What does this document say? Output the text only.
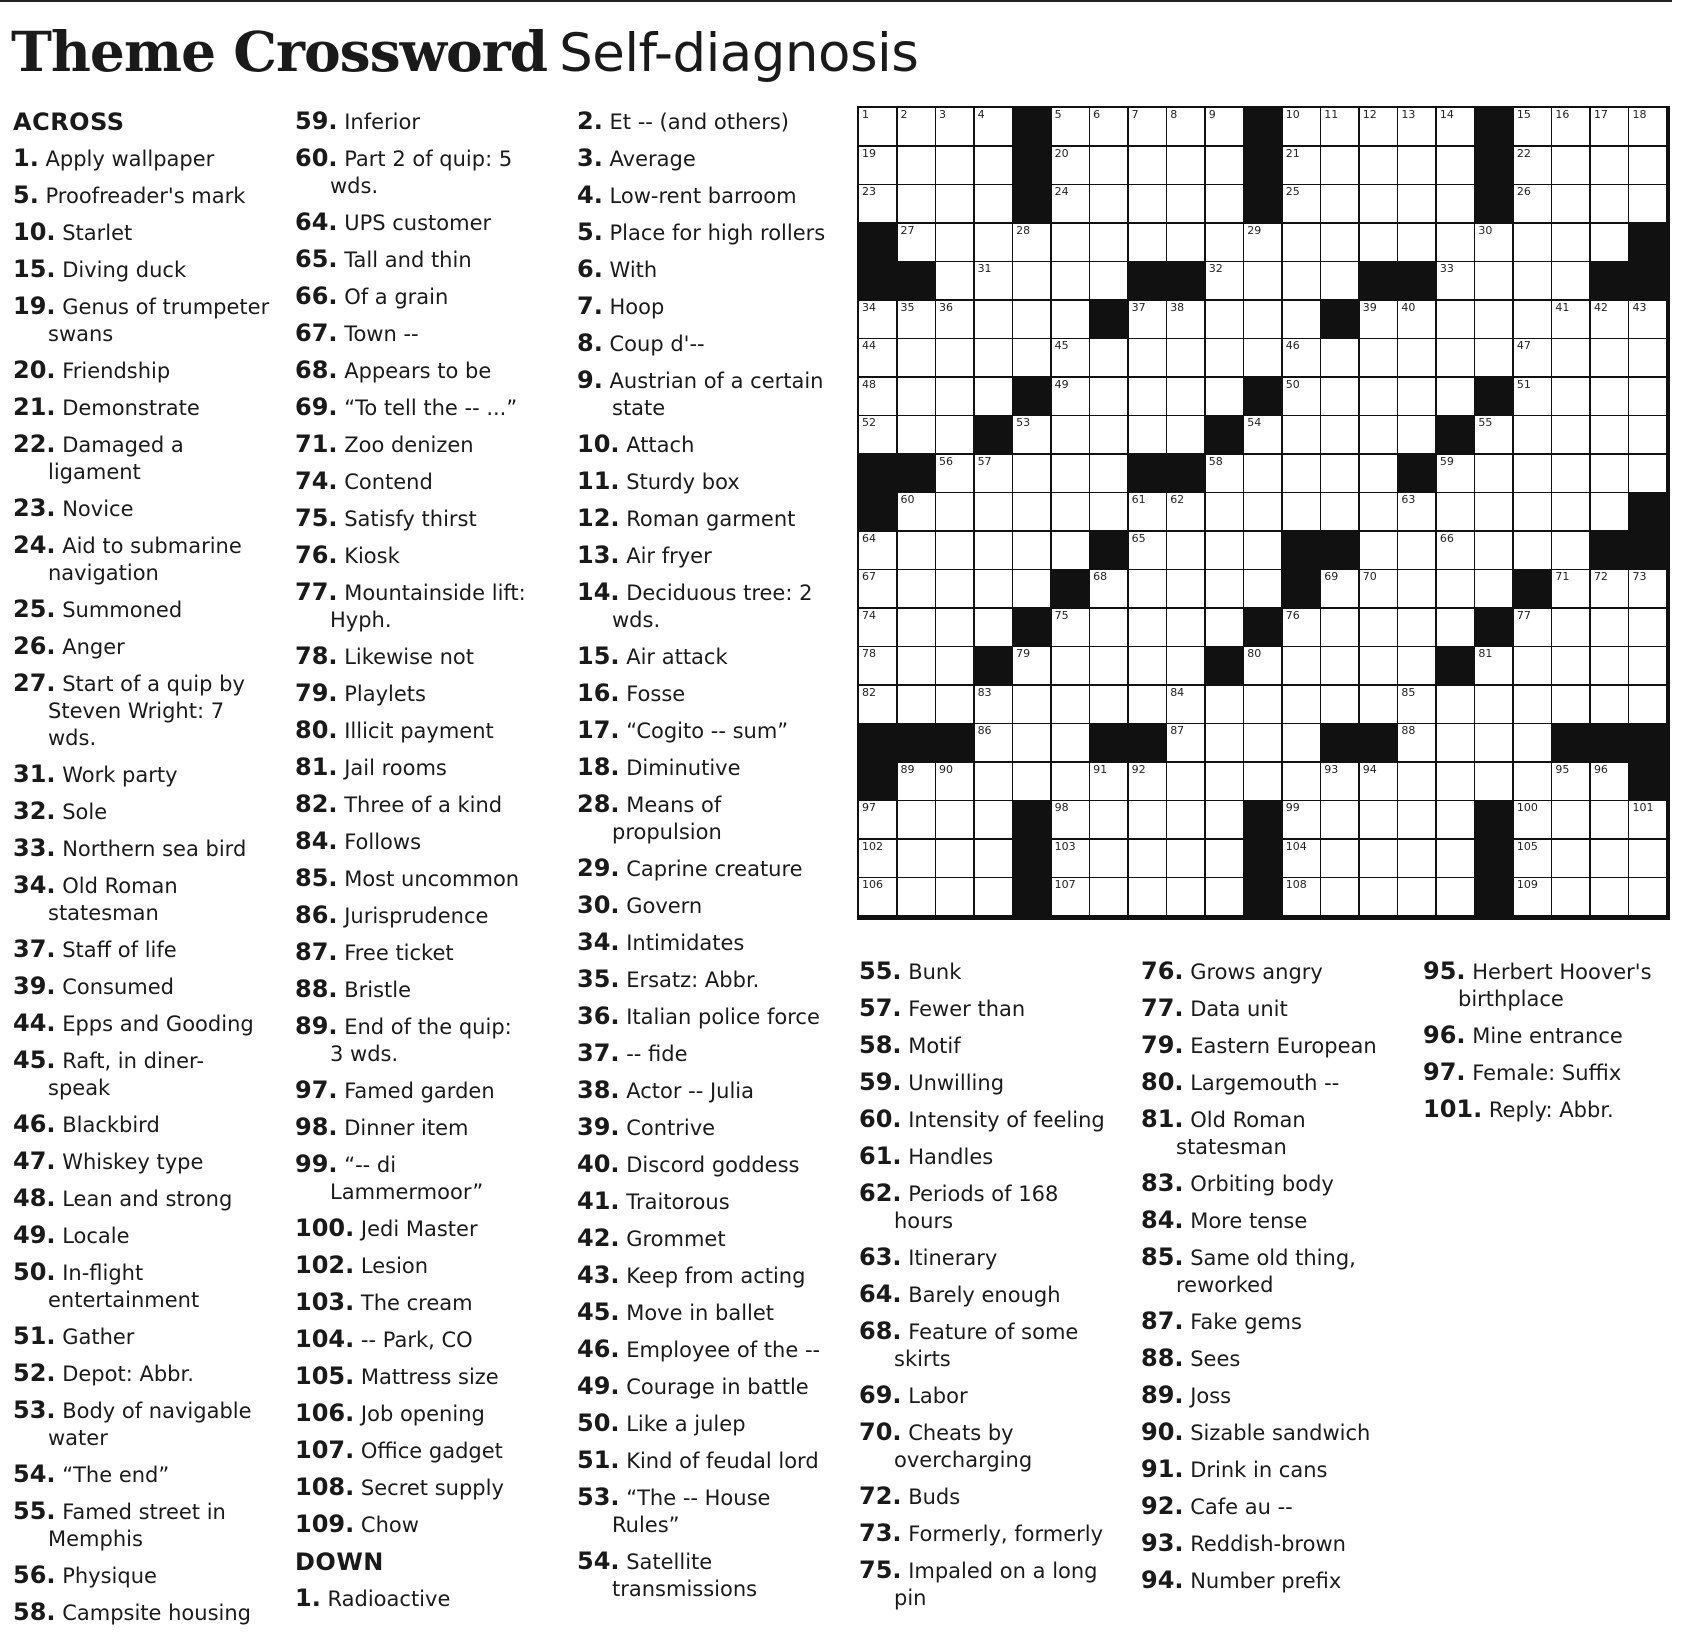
Theme Crossword Self-diagnosis
ACROSS
1. Apply wallpaper
5. Proofreader's mark
10. Starlet
15. Diving duck
19. Genus of trumpeter
swans
20. Friendship
21. Demonstrate
22. Damaged a
ligament
23. Novice
24. Aid to submarine
navigation
25. Summoned
26. Anger
27. Start of a quip by
Steven Wright: 7
wds.
31. Work party
32. Sole
33. Northern sea bird
34. Old Roman
statesman
37. Staff of life
39. Consumed
44. Epps and Gooding
45. Raft, in diner-
speak
46. Blackbird
47. Whiskey type
48. Lean and strong
49. Locale
50. In-flight
entertainment
51. Gather
52. Depot: Abbr.
53. Body of navigable
water
54. “The end”
55. Famed street in
Memphis
56. Physique
58. Campsite housing
59. Inferior
60. Part 2 of quip: 5
wds.
64. UPS customer
65. Tall and thin
66. Of a grain
67. Town --
68. Appears to be
69. “To tell the -- ...”
71. Zoo denizen
74. Contend
75. Satisfy thirst
76. Kiosk
77. Mountainside lift:
Hyph.
78. Likewise not
79. Playlets
80. Illicit payment
81. Jail rooms
82. Three of a kind
84. Follows
85. Most uncommon
86. Jurisprudence
87. Free ticket
88. Bristle
89. End of the quip:
3 wds.
97. Famed garden
98. Dinner item
99. “-- di
Lammermoor”
100. Jedi Master
102. Lesion
103. The cream
104. -- Park, CO
105. Mattress size
106. Job opening
107. Office gadget
108. Secret supply
109. Chow
DOWN
1. Radioactive
2. Et -- (and others)
3. Average
4. Low-rent barroom
5. Place for high rollers
6. With
7. Hoop
8. Coup d'--
9. Austrian of a certain
state
10. Attach
11. Sturdy box
12. Roman garment
13. Air fryer
14. Deciduous tree: 2
wds.
15. Air attack
16. Fosse
17. “Cogito -- sum”
18. Diminutive
28. Means of
propulsion
29. Caprine creature
30. Govern
34. Intimidates
35. Ersatz: Abbr.
36. Italian police force
37. -- fide
38. Actor -- Julia
39. Contrive
40. Discord goddess
41. Traitorous
42. Grommet
43. Keep from acting
45. Move in ballet
46. Employee of the --
49. Courage in battle
50. Like a julep
51. Kind of feudal lord
53. “The -- House
Rules”
54. Satellite
transmissions
55. Bunk
57. Fewer than
58. Motif
59. Unwilling
60. Intensity of feeling
61. Handles
62. Periods of 168
hours
63. Itinerary
64. Barely enough
68. Feature of some
skirts
69. Labor
70. Cheats by
overcharging
72. Buds
73. Formerly, formerly
75. Impaled on a long
pin
76. Grows angry
77. Data unit
79. Eastern European
80. Largemouth --
81. Old Roman
statesman
83. Orbiting body
84. More tense
85. Same old thing,
reworked
87. Fake gems
88. Sees
89. Joss
90. Sizable sandwich
91. Drink in cans
92. Cafe au --
93. Reddish-brown
94. Number prefix
95. Herbert Hoover's
birthplace
96. Mine entrance
97. Female: Suffix
101. Reply: Abbr.
1	2	3	4	5	6	7	8	9	10 11 12 13 14	15 16 17 18
19	20	21	22
23	24	25	26
27	28	29	30
31	32	33
34 35 36	37 38	39 40	41 42 43
44	45	46	47
48	49	50	51
52	53	54	55
56 57	58	59
60	61 62	63
64	65	66
67	68	69 70	71 72 73
74	75	76	77
78	79	80	81
82	83	84	85
86	87	88
89 90	91 92	93 94	95 96
97	98	99	100	101
102	103	104	105
106	107	108	109
